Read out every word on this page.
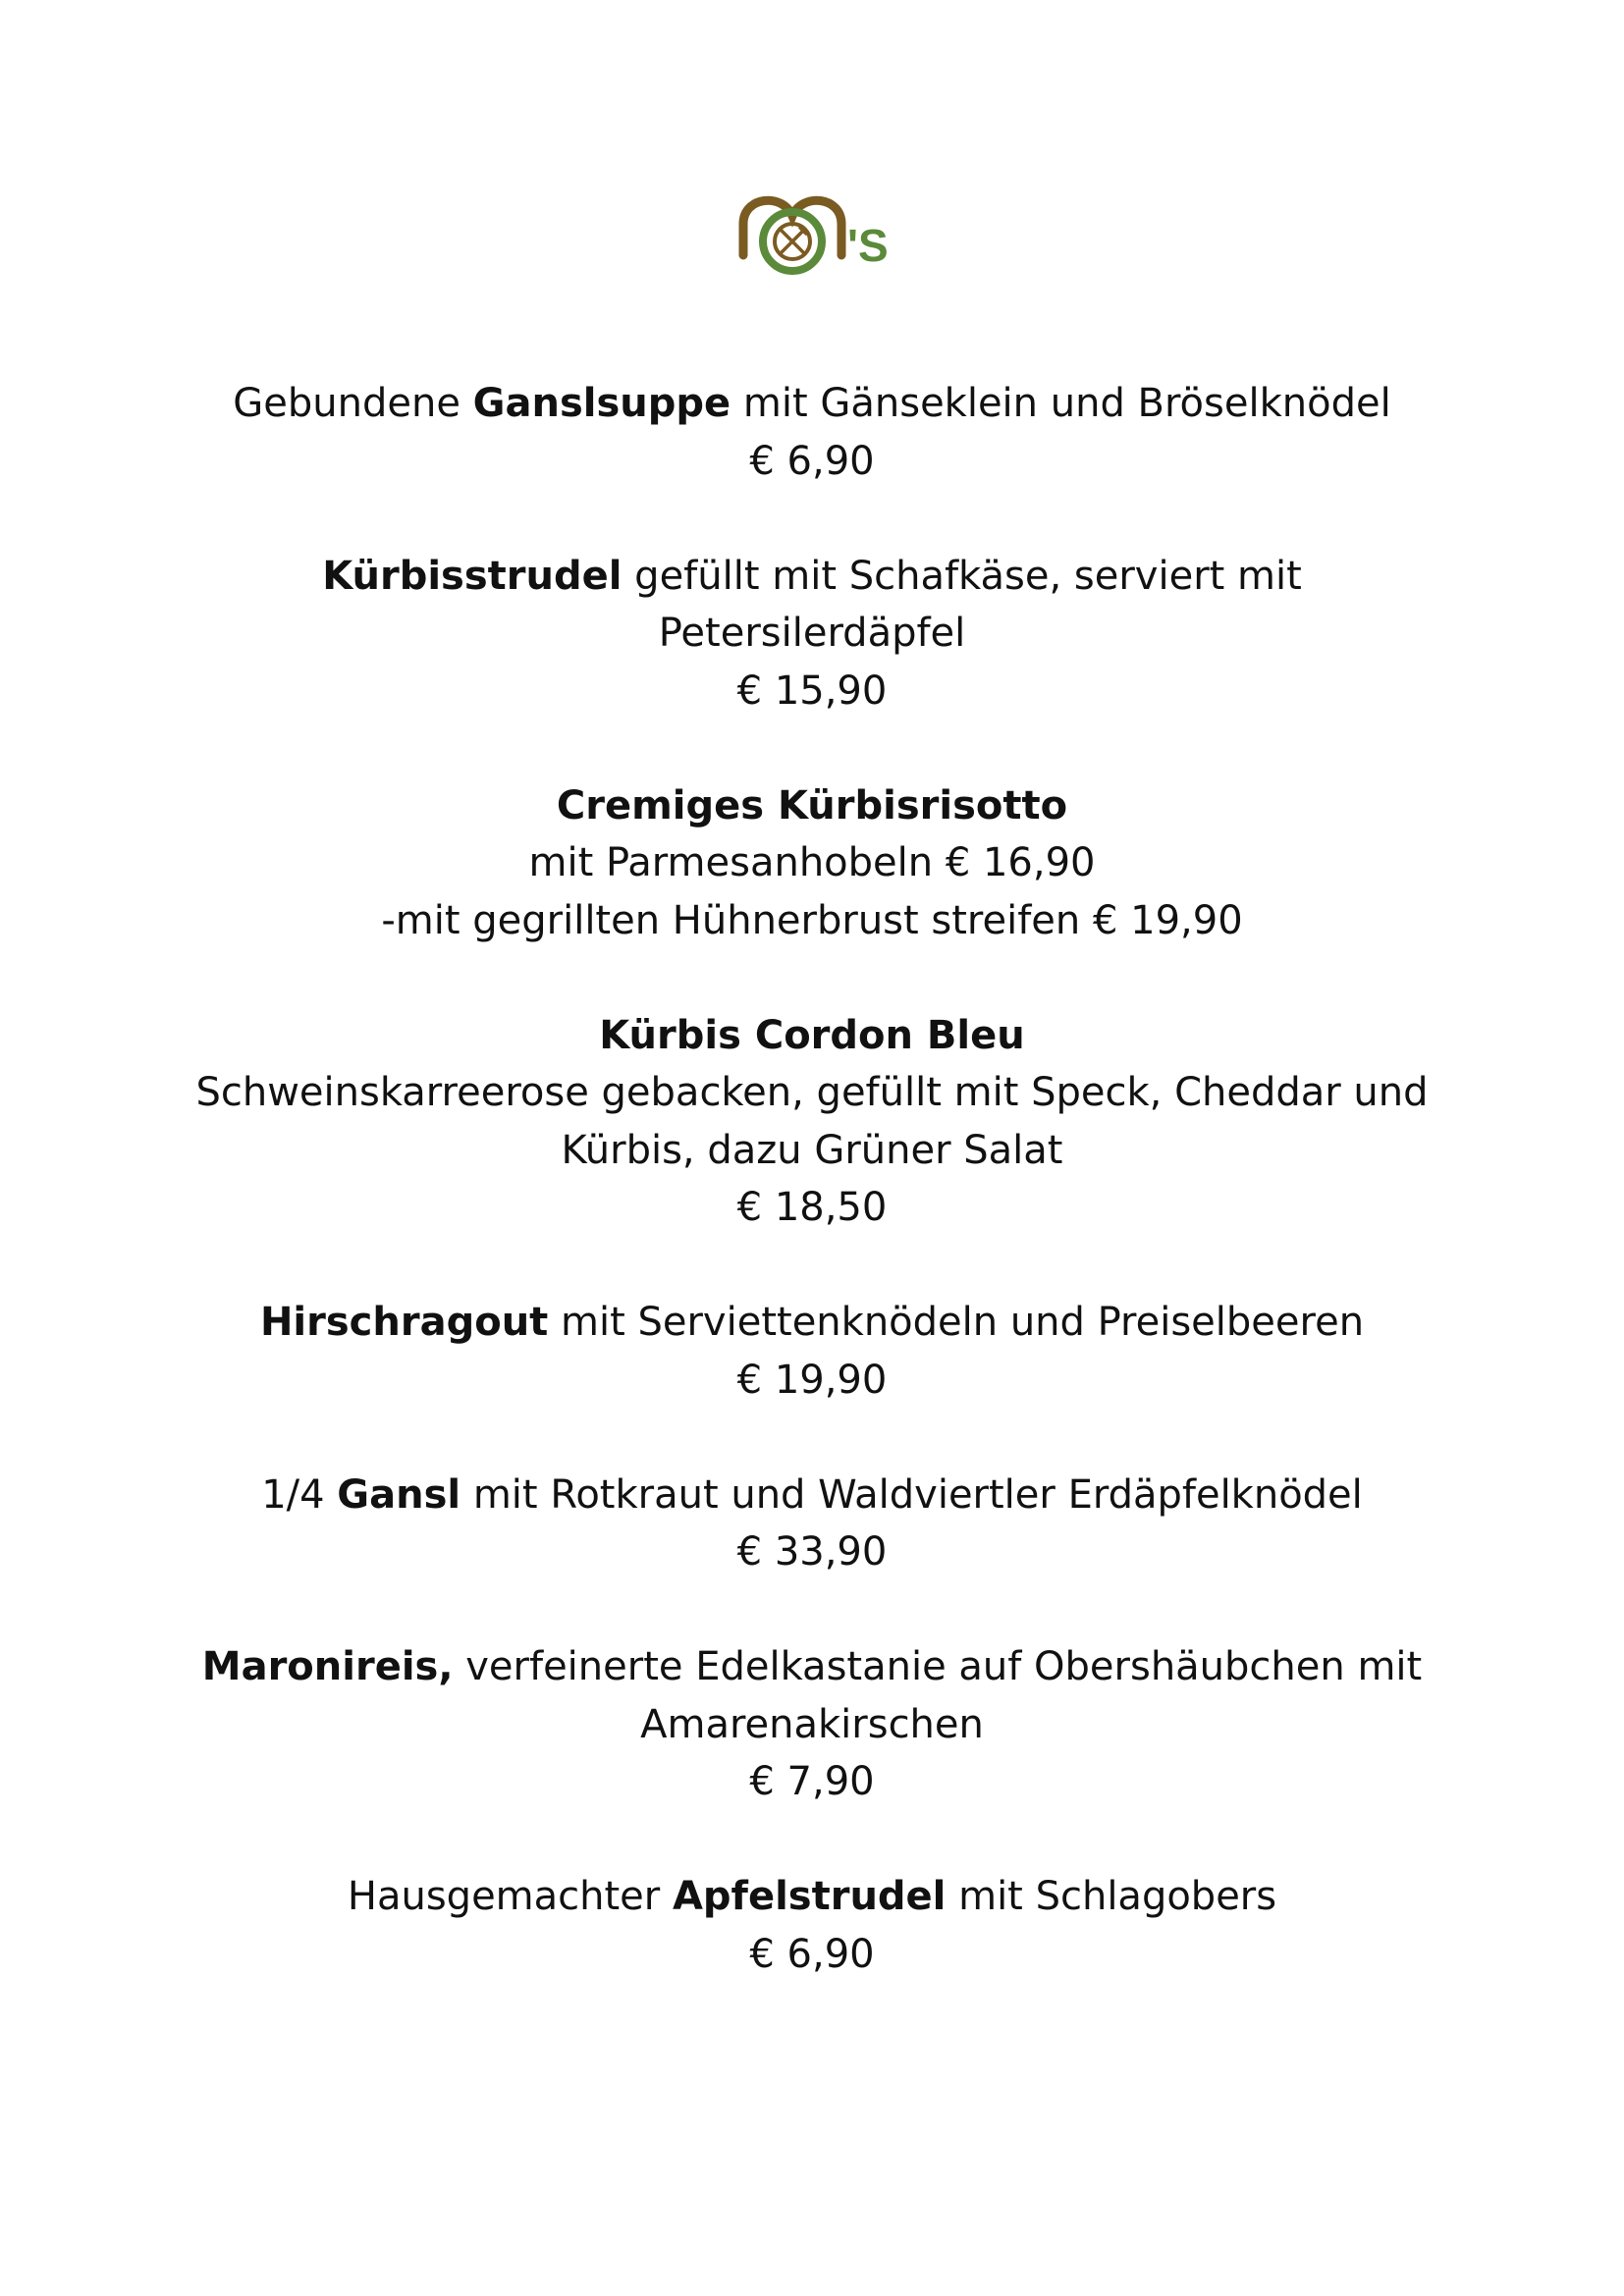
'S
Gebundene Ganslsuppe mit Gänseklein und Bröselknödel
€ 6,90
Kürbisstrudel gefüllt mit Schafkäse, serviert mit
Petersilerdäpfel
€ 15,90
Cremiges Kürbisrisotto
mit Parmesanhobeln € 16,90
-mit gegrillten Hühnerbrust streifen € 19,90
Kürbis Cordon Bleu
Schweinskarreerose gebacken, gefüllt mit Speck, Cheddar und
Kürbis, dazu Grüner Salat
€ 18,50
Hirschragout mit Serviettenknödeln und Preiselbeeren
€ 19,90
1/4 Gansl mit Rotkraut und Waldviertler Erdäpfelknödel
€ 33,90
Maronireis, verfeinerte Edelkastanie auf Obershäubchen mit
Amarenakirschen
€ 7,90
Hausgemachter Apfelstrudel mit Schlagobers
€ 6,90
